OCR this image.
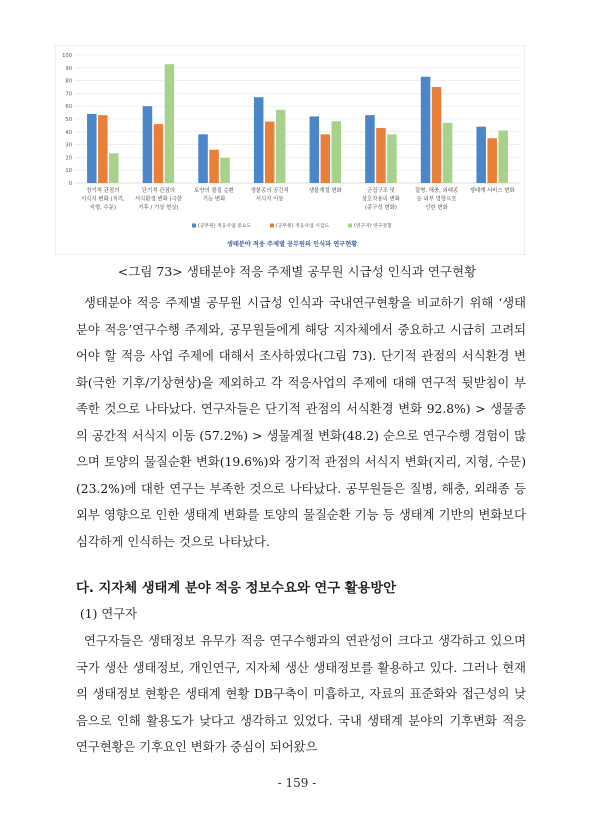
0
10
20
30
40
50
60
70
80
90
100
장기적 관점의
서식지 변화 (지리,
지형, 수문)
단기적 관점의
서식환경 변화 (극한
기후 / 기상 현상)
토양의 물질 순환
기능 변화
생물종의 공간적
서식지 이동
생물계절 변화	군집구조 및
상호작용의 변화
(종구성 변화)
질병, 해충, 외래종
등 외부 영향으로
인한 변화
생태계 서비스 변화
(공무원) 적응사업 중요도	(공무원) 적응사업 시급도	(연구자) 연구경험
생태분야 적응 주제별 공무원의 인식과 연구현황
<그림 73> 생태분야 적응 주제별 공무원 시급성 인식과 연구현황

생태분야 적응 주제별 공무원 시급성 인식과 국내연구현황을 비교하기 위해 ‘생태 분야 적응’연구수행 주제와, 공무원들에게 해당 지자체에서 중요하고 시급히 고려되어야 할 적응 사업 주제에 대해서 조사하였다(그림 73). 단기적 관점의 서식환경 변화(극한 기후/기상현상)을 제외하고 각 적응사업의 주제에 대해 연구적 뒷받침이 부족한 것으로 나타났다. 연구자들은 단기적 관점의 서식환경 변화 92.8%) > 생물종의 공간적 서식지 이동 (57.2%) > 생물계절 변화(48.2) 순으로 연구수행 경험이 많으며 토양의 물질순환 변화(19.6%)와 장기적 관점의 서식지 변화(지리, 지형, 수문) (23.2%)에 대한 연구는 부족한 것으로 나타났다. 공무원들은 질병, 해충, 외래종 등 외부 영향으로 인한 생태계 변화를 토양의 물질순환 기능 등 생태계 기반의 변화보다 심각하게 인식하는 것으로 나타났다.

다. 지자체 생태계 분야 적응 정보수요와 연구 활용방안

(1) 연구자

연구자들은 생태정보 유무가 적응 연구수행과의 연관성이 크다고 생각하고 있으며 국가 생산 생태정보, 개인연구, 지자체 생산 생태정보를 활용하고 있다. 그러나 현재의 생태정보 현황은 생태계 현황 DB구축이 미흡하고, 자료의 표준화와 접근성의 낮음으로 인해 활용도가 낮다고 생각하고 있었다. 국내 생태계 분야의 기후변화 적응 연구현황은 기후요인 변화가 중심이 되어왔으

- 159 -
